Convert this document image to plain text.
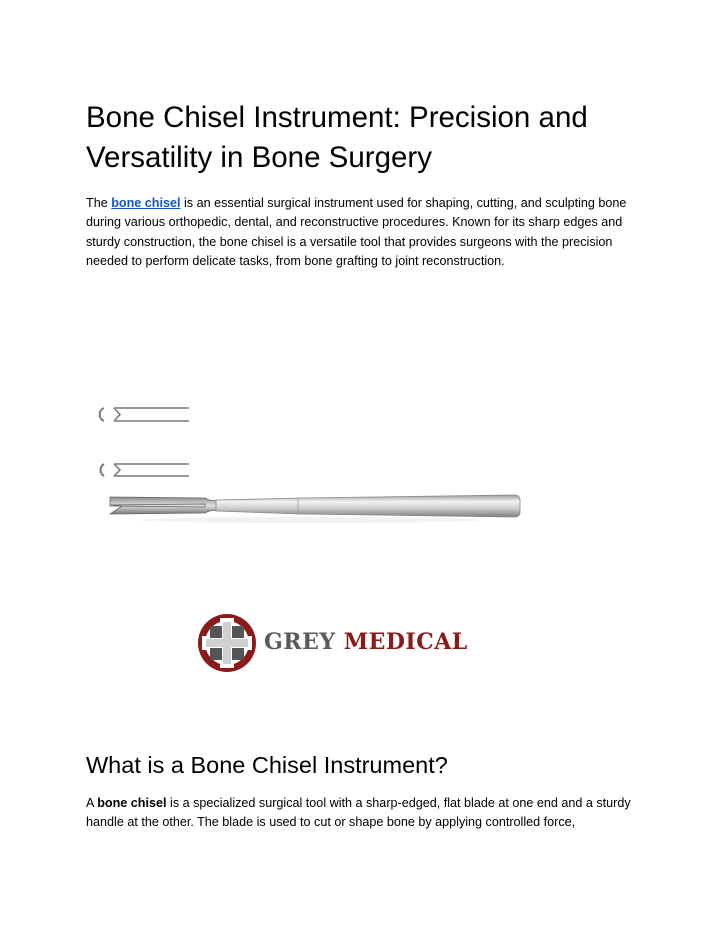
Bone Chisel Instrument: Precision and Versatility in Bone Surgery

The bone chisel is an essential surgical instrument used for shaping, cutting, and sculpting bone during various orthopedic, dental, and reconstructive procedures. Known for its sharp edges and sturdy construction, the bone chisel is a versatile tool that provides surgeons with the precision needed to perform delicate tasks, from bone grafting to joint reconstruction.

GREY MEDICAL
What is a Bone Chisel Instrument?

A bone chisel is a specialized surgical tool with a sharp-edged, flat blade at one end and a sturdy handle at the other. The blade is used to cut or shape bone by applying controlled force,
